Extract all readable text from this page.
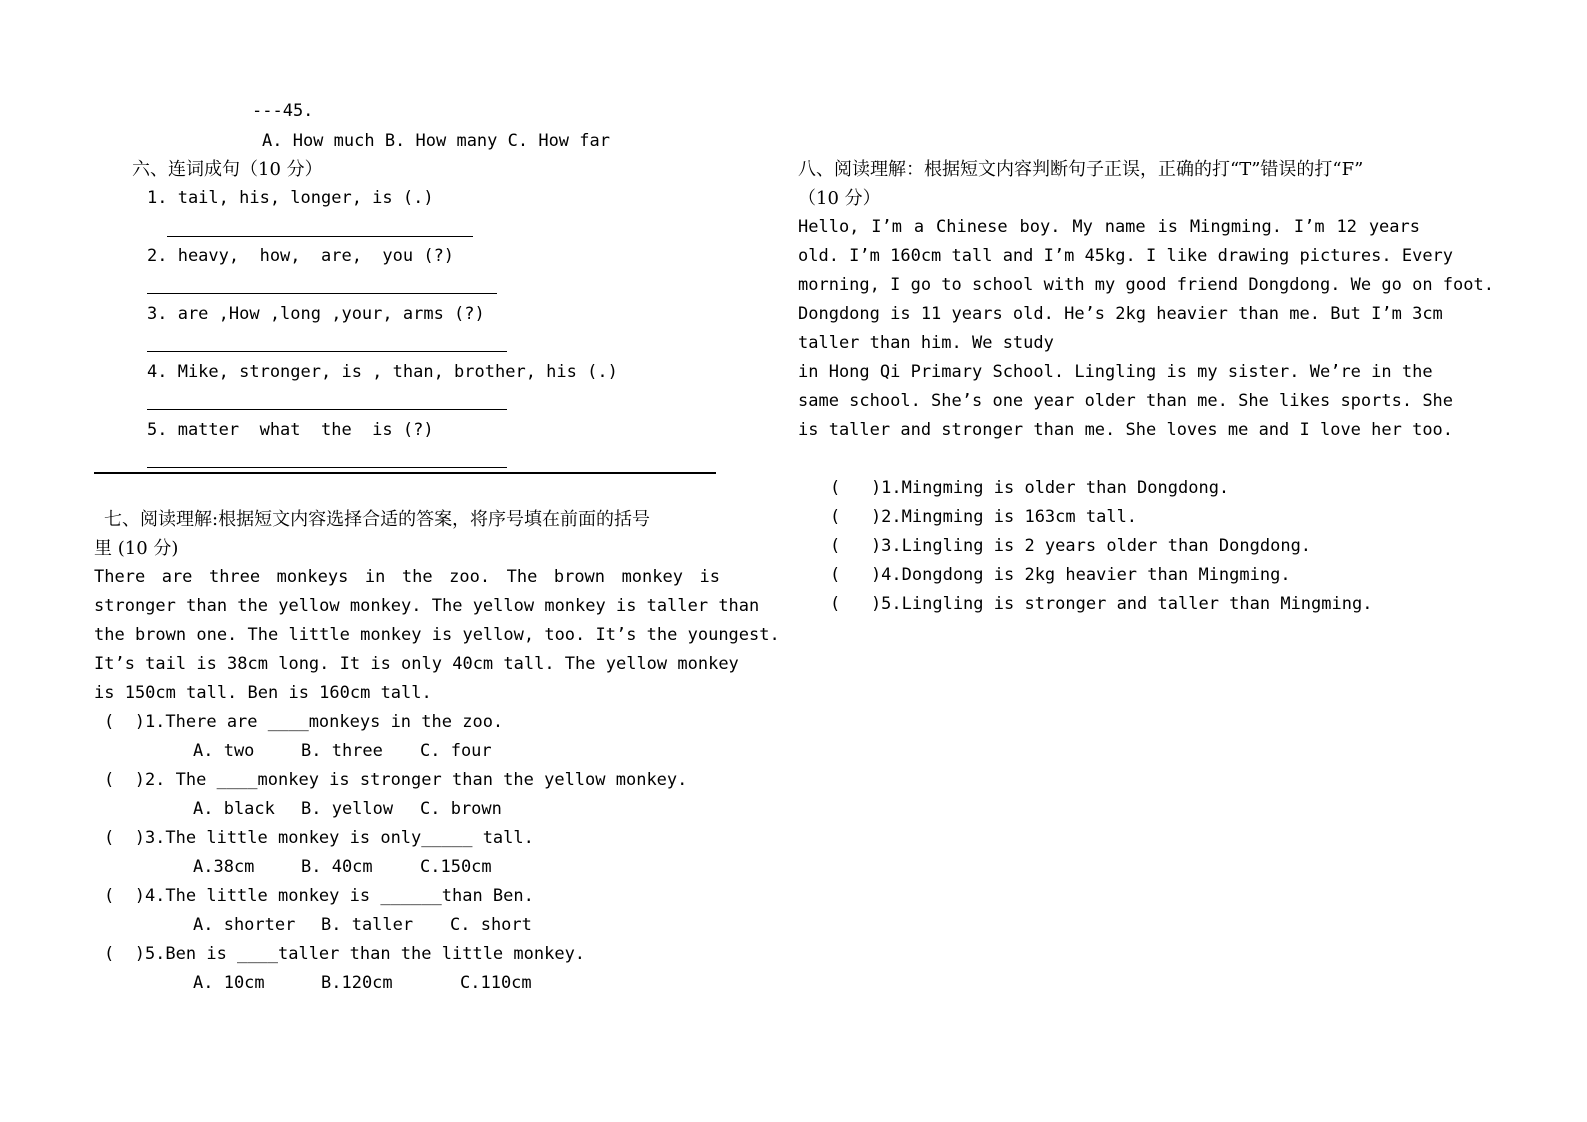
---45.
A. How much B. How many C. How far
六、连词成句（10 分）
1. tail, his, longer, is (.)
2. heavy,  how,  are,  you (?)
3. are ,How ,long ,your, arms (?)
4. Mike, stronger, is , than, brother, his (.)
5. matter  what  the  is (?)
七、阅读理解:根据短文内容选择合适的答案，将序号填在前面的括号
里 (10 分)
There are three monkeys in the zoo. The brown monkey is
stronger than the yellow monkey. The yellow monkey is taller than
the brown one. The little monkey is yellow, too. It’s the youngest.
It’s tail is 38cm long. It is only 40cm tall. The yellow monkey
is 150cm tall. Ben is 160cm tall.
(  )1.There are ____monkeys in the zoo.
A. two	B. three C. four
(  )2. The ____monkey is stronger than the yellow monkey.
A. black B. yellow C. brown
(  )3.The little monkey is only_____ tall.
A.38cm	B. 40cm	C.150cm
(  )4.The little monkey is ______than Ben.
A. shorter B. taller C. short
(  )5.Ben is ____taller than the little monkey.
A. 10cm	B.120cm	C.110cm
八、阅读理解：根据短文内容判断句子正误，正确的打“T”错误的打“F”
（10 分）
Hello, I’m a Chinese boy. My name is Mingming. I’m 12 years
old. I’m 160cm tall and I’m 45kg. I like drawing pictures. Every
morning, I go to school with my good friend Dongdong. We go on foot.
Dongdong is 11 years old. He’s 2kg heavier than me. But I’m 3cm
taller than him. We study
in Hong Qi Primary School. Lingling is my sister. We’re in the
same school. She’s one year older than me. She likes sports. She
is taller and stronger than me. She loves me and I love her too.
(   )1.Mingming is older than Dongdong.
(   )2.Mingming is 163cm tall.
(   )3.Lingling is 2 years older than Dongdong.
(   )4.Dongdong is 2kg heavier than Mingming.
(   )5.Lingling is stronger and taller than Mingming.
